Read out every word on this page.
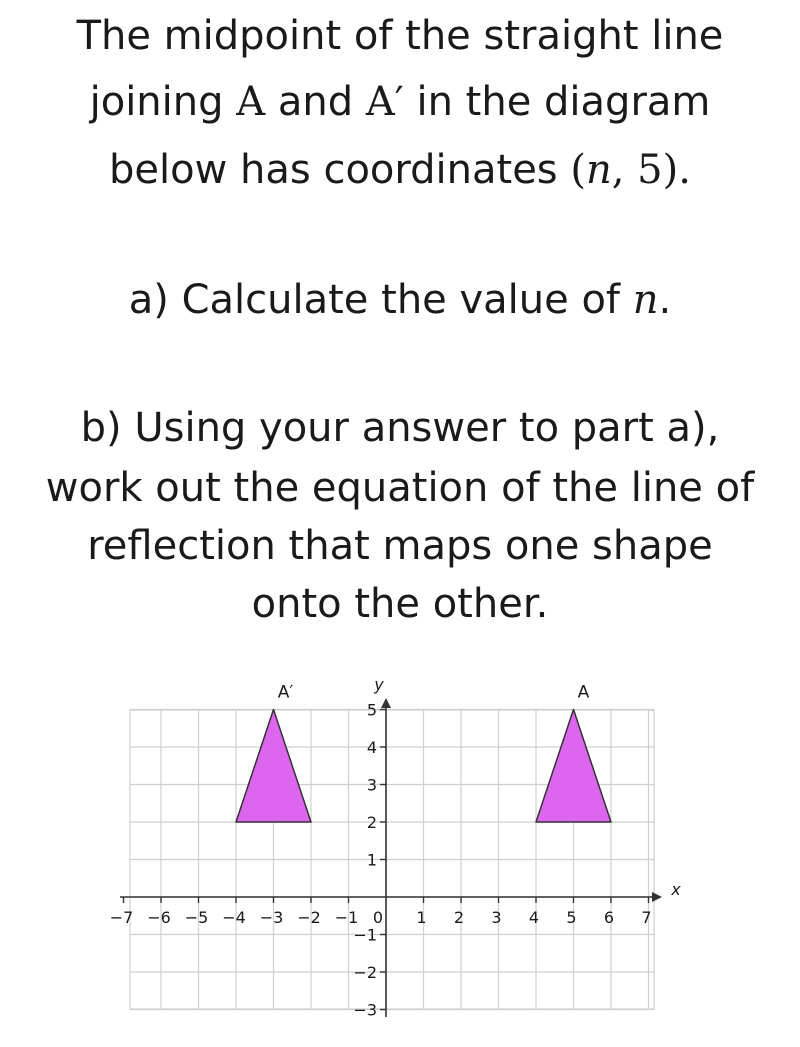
The midpoint of the straight line
joining A and A′ in the diagram
below has coordinates (n, 5).
a) Calculate the value of n.
b) Using your answer to part a),
work out the equation of the line of
reflection that maps one shape
onto the other.
−7 −6 −5 −4 −3 −2 −1 0 1 2 3 4 5 6 7
5
4
3
2
1
−1
−2
−3
x
y	A
A′
